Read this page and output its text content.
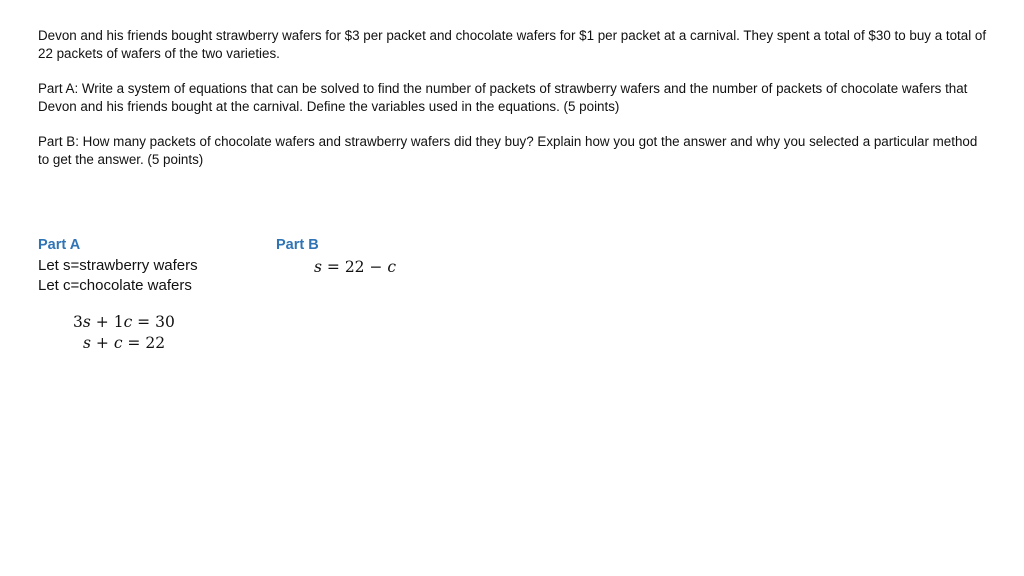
Devon and his friends bought strawberry wafers for $3 per packet and chocolate wafers for $1 per packet at a carnival. They spent a total of $30 to buy a total of 22 packets of wafers of the two varieties.

Part A: Write a system of equations that can be solved to find the number of packets of strawberry wafers and the number of packets of chocolate wafers that Devon and his friends bought at the carnival. Define the variables used in the equations. (5 points)

Part B: How many packets of chocolate wafers and strawberry wafers did they buy? Explain how you got the answer and why you selected a particular method to get the answer. (5 points)

Part A
Let s=strawberry wafers
Let c=chocolate wafers
3s + 1c = 30
s + c = 22
Part B
s = 22 − c
